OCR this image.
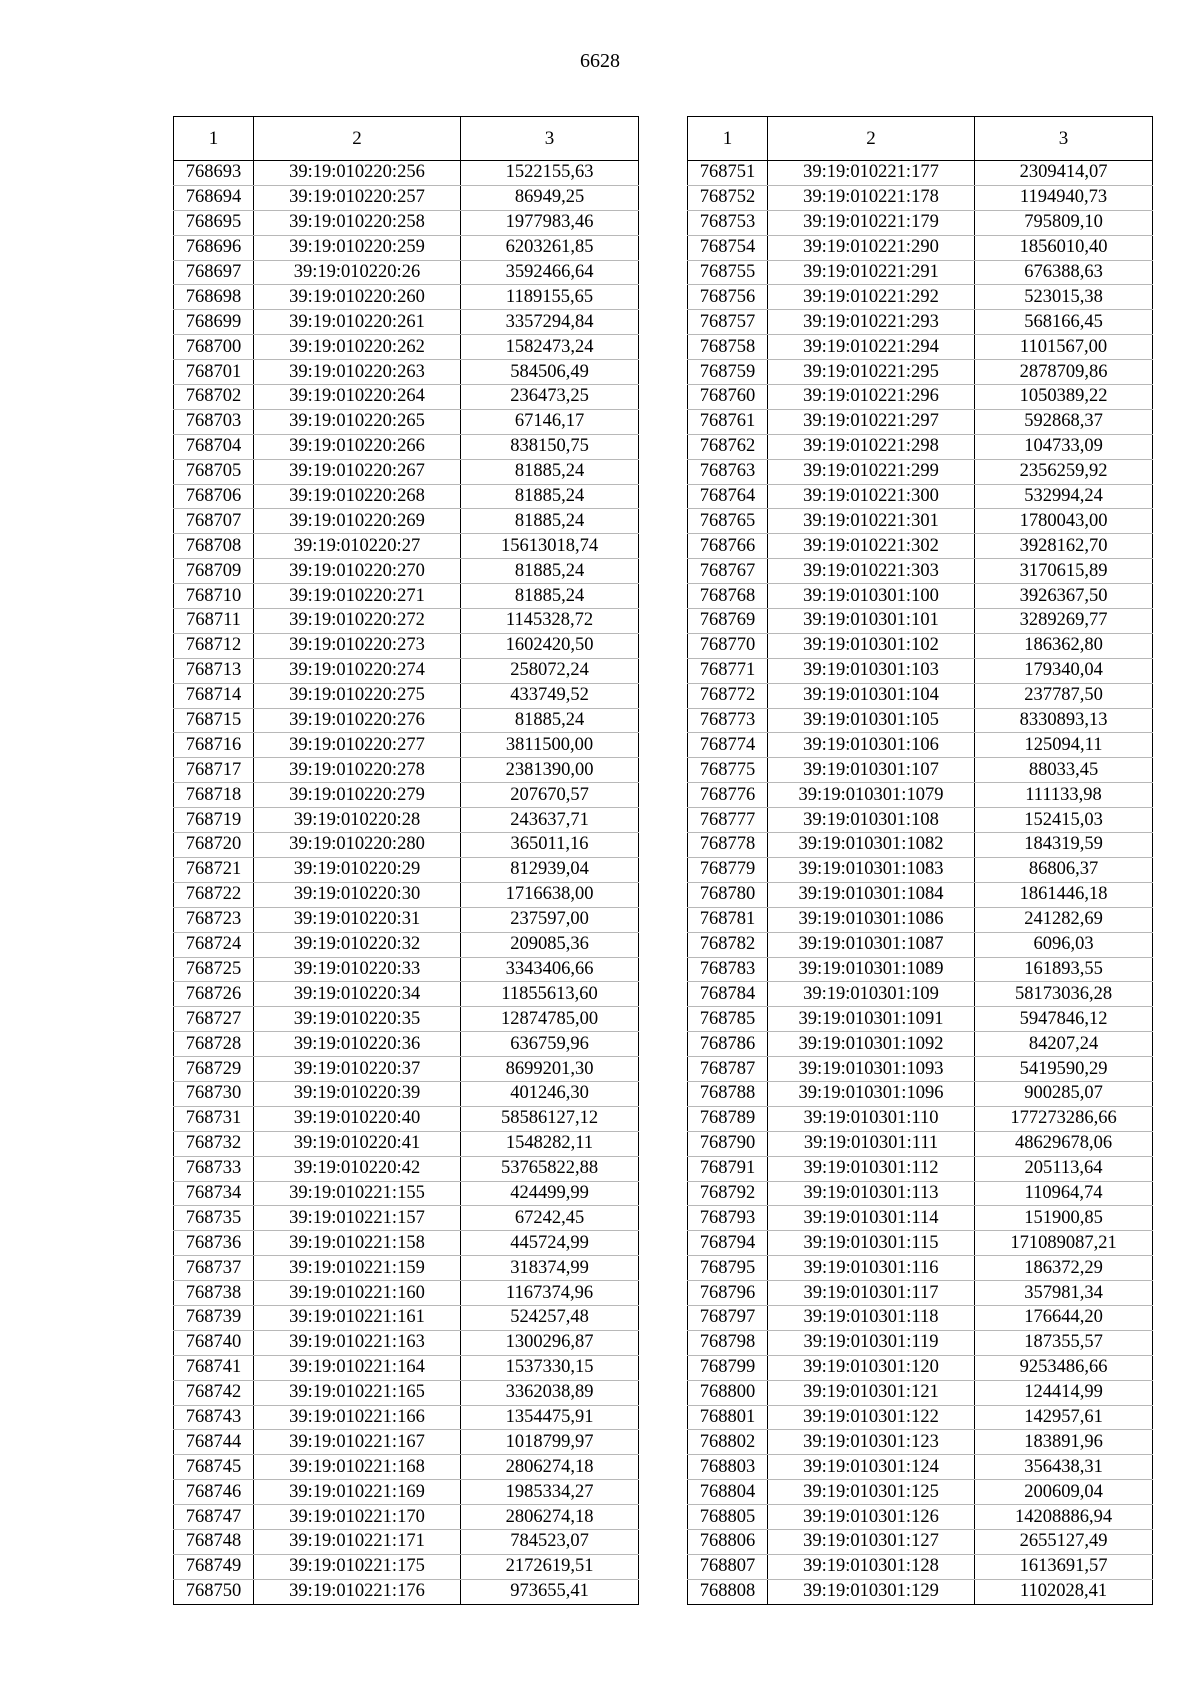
6628
1	2	3
768693	39:19:010220:256	1522155,63
768694	39:19:010220:257	86949,25
768695	39:19:010220:258	1977983,46
768696	39:19:010220:259	6203261,85
768697	39:19:010220:26	3592466,64
768698	39:19:010220:260	1189155,65
768699	39:19:010220:261	3357294,84
768700	39:19:010220:262	1582473,24
768701	39:19:010220:263	584506,49
768702	39:19:010220:264	236473,25
768703	39:19:010220:265	67146,17
768704	39:19:010220:266	838150,75
768705	39:19:010220:267	81885,24
768706	39:19:010220:268	81885,24
768707	39:19:010220:269	81885,24
768708	39:19:010220:27	15613018,74
768709	39:19:010220:270	81885,24
768710	39:19:010220:271	81885,24
768711	39:19:010220:272	1145328,72
768712	39:19:010220:273	1602420,50
768713	39:19:010220:274	258072,24
768714	39:19:010220:275	433749,52
768715	39:19:010220:276	81885,24
768716	39:19:010220:277	3811500,00
768717	39:19:010220:278	2381390,00
768718	39:19:010220:279	207670,57
768719	39:19:010220:28	243637,71
768720	39:19:010220:280	365011,16
768721	39:19:010220:29	812939,04
768722	39:19:010220:30	1716638,00
768723	39:19:010220:31	237597,00
768724	39:19:010220:32	209085,36
768725	39:19:010220:33	3343406,66
768726	39:19:010220:34	11855613,60
768727	39:19:010220:35	12874785,00
768728	39:19:010220:36	636759,96
768729	39:19:010220:37	8699201,30
768730	39:19:010220:39	401246,30
768731	39:19:010220:40	58586127,12
768732	39:19:010220:41	1548282,11
768733	39:19:010220:42	53765822,88
768734	39:19:010221:155	424499,99
768735	39:19:010221:157	67242,45
768736	39:19:010221:158	445724,99
768737	39:19:010221:159	318374,99
768738	39:19:010221:160	1167374,96
768739	39:19:010221:161	524257,48
768740	39:19:010221:163	1300296,87
768741	39:19:010221:164	1537330,15
768742	39:19:010221:165	3362038,89
768743	39:19:010221:166	1354475,91
768744	39:19:010221:167	1018799,97
768745	39:19:010221:168	2806274,18
768746	39:19:010221:169	1985334,27
768747	39:19:010221:170	2806274,18
768748	39:19:010221:171	784523,07
768749	39:19:010221:175	2172619,51
768750	39:19:010221:176	973655,41
1	2	3
768751	39:19:010221:177	2309414,07
768752	39:19:010221:178	1194940,73
768753	39:19:010221:179	795809,10
768754	39:19:010221:290	1856010,40
768755	39:19:010221:291	676388,63
768756	39:19:010221:292	523015,38
768757	39:19:010221:293	568166,45
768758	39:19:010221:294	1101567,00
768759	39:19:010221:295	2878709,86
768760	39:19:010221:296	1050389,22
768761	39:19:010221:297	592868,37
768762	39:19:010221:298	104733,09
768763	39:19:010221:299	2356259,92
768764	39:19:010221:300	532994,24
768765	39:19:010221:301	1780043,00
768766	39:19:010221:302	3928162,70
768767	39:19:010221:303	3170615,89
768768	39:19:010301:100	3926367,50
768769	39:19:010301:101	3289269,77
768770	39:19:010301:102	186362,80
768771	39:19:010301:103	179340,04
768772	39:19:010301:104	237787,50
768773	39:19:010301:105	8330893,13
768774	39:19:010301:106	125094,11
768775	39:19:010301:107	88033,45
768776	39:19:010301:1079	111133,98
768777	39:19:010301:108	152415,03
768778	39:19:010301:1082	184319,59
768779	39:19:010301:1083	86806,37
768780	39:19:010301:1084	1861446,18
768781	39:19:010301:1086	241282,69
768782	39:19:010301:1087	6096,03
768783	39:19:010301:1089	161893,55
768784	39:19:010301:109	58173036,28
768785	39:19:010301:1091	5947846,12
768786	39:19:010301:1092	84207,24
768787	39:19:010301:1093	5419590,29
768788	39:19:010301:1096	900285,07
768789	39:19:010301:110	177273286,66
768790	39:19:010301:111	48629678,06
768791	39:19:010301:112	205113,64
768792	39:19:010301:113	110964,74
768793	39:19:010301:114	151900,85
768794	39:19:010301:115	171089087,21
768795	39:19:010301:116	186372,29
768796	39:19:010301:117	357981,34
768797	39:19:010301:118	176644,20
768798	39:19:010301:119	187355,57
768799	39:19:010301:120	9253486,66
768800	39:19:010301:121	124414,99
768801	39:19:010301:122	142957,61
768802	39:19:010301:123	183891,96
768803	39:19:010301:124	356438,31
768804	39:19:010301:125	200609,04
768805	39:19:010301:126	14208886,94
768806	39:19:010301:127	2655127,49
768807	39:19:010301:128	1613691,57
768808	39:19:010301:129	1102028,41
